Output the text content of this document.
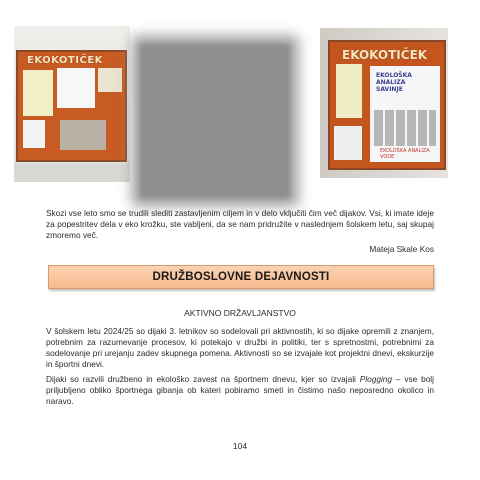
EKOKOTIČEK	EKOKOTIČEK
EKOLOŠKA ANALIZA SAVINJE
EKOLOŠKA ANALIZA VODE

Skozi vse leto smo se trudili slediti zastavljenim ciljem in v delo vključiti čim več dijakov. Vsi, ki imate ideje za popestritev dela v eko krožku, ste vabljeni, da se nam pridružite v naslednjem šolskem letu, saj skupaj zmoremo več.

Mateja Skale Kos
DRUŽBOSLOVNE DEJAVNOSTI
AKTIVNO DRŽAVLJANSTVO

V šolskem letu 2024/25 so dijaki 3. letnikov so sodelovali pri aktivnostih, ki so dijake opremili z znanjem, potrebnim za razumevanje procesov, ki potekajo v družbi in politiki, ter s spretnostmi, potrebnimi za sodelovanje pri urejanju zadev skupnega pomena. Aktivnosti so se izvajale kot projektni dnevi, ekskurzije in športni dnevi.

Dijaki so razvili družbeno in ekološko zavest na športnem dnevu, kjer so izvajali Plogging – vse bolj priljubljeno obliko športnega gibanja ob kateri pobiramo smeti in čistimo našo neposredno okolico in naravo.

104
